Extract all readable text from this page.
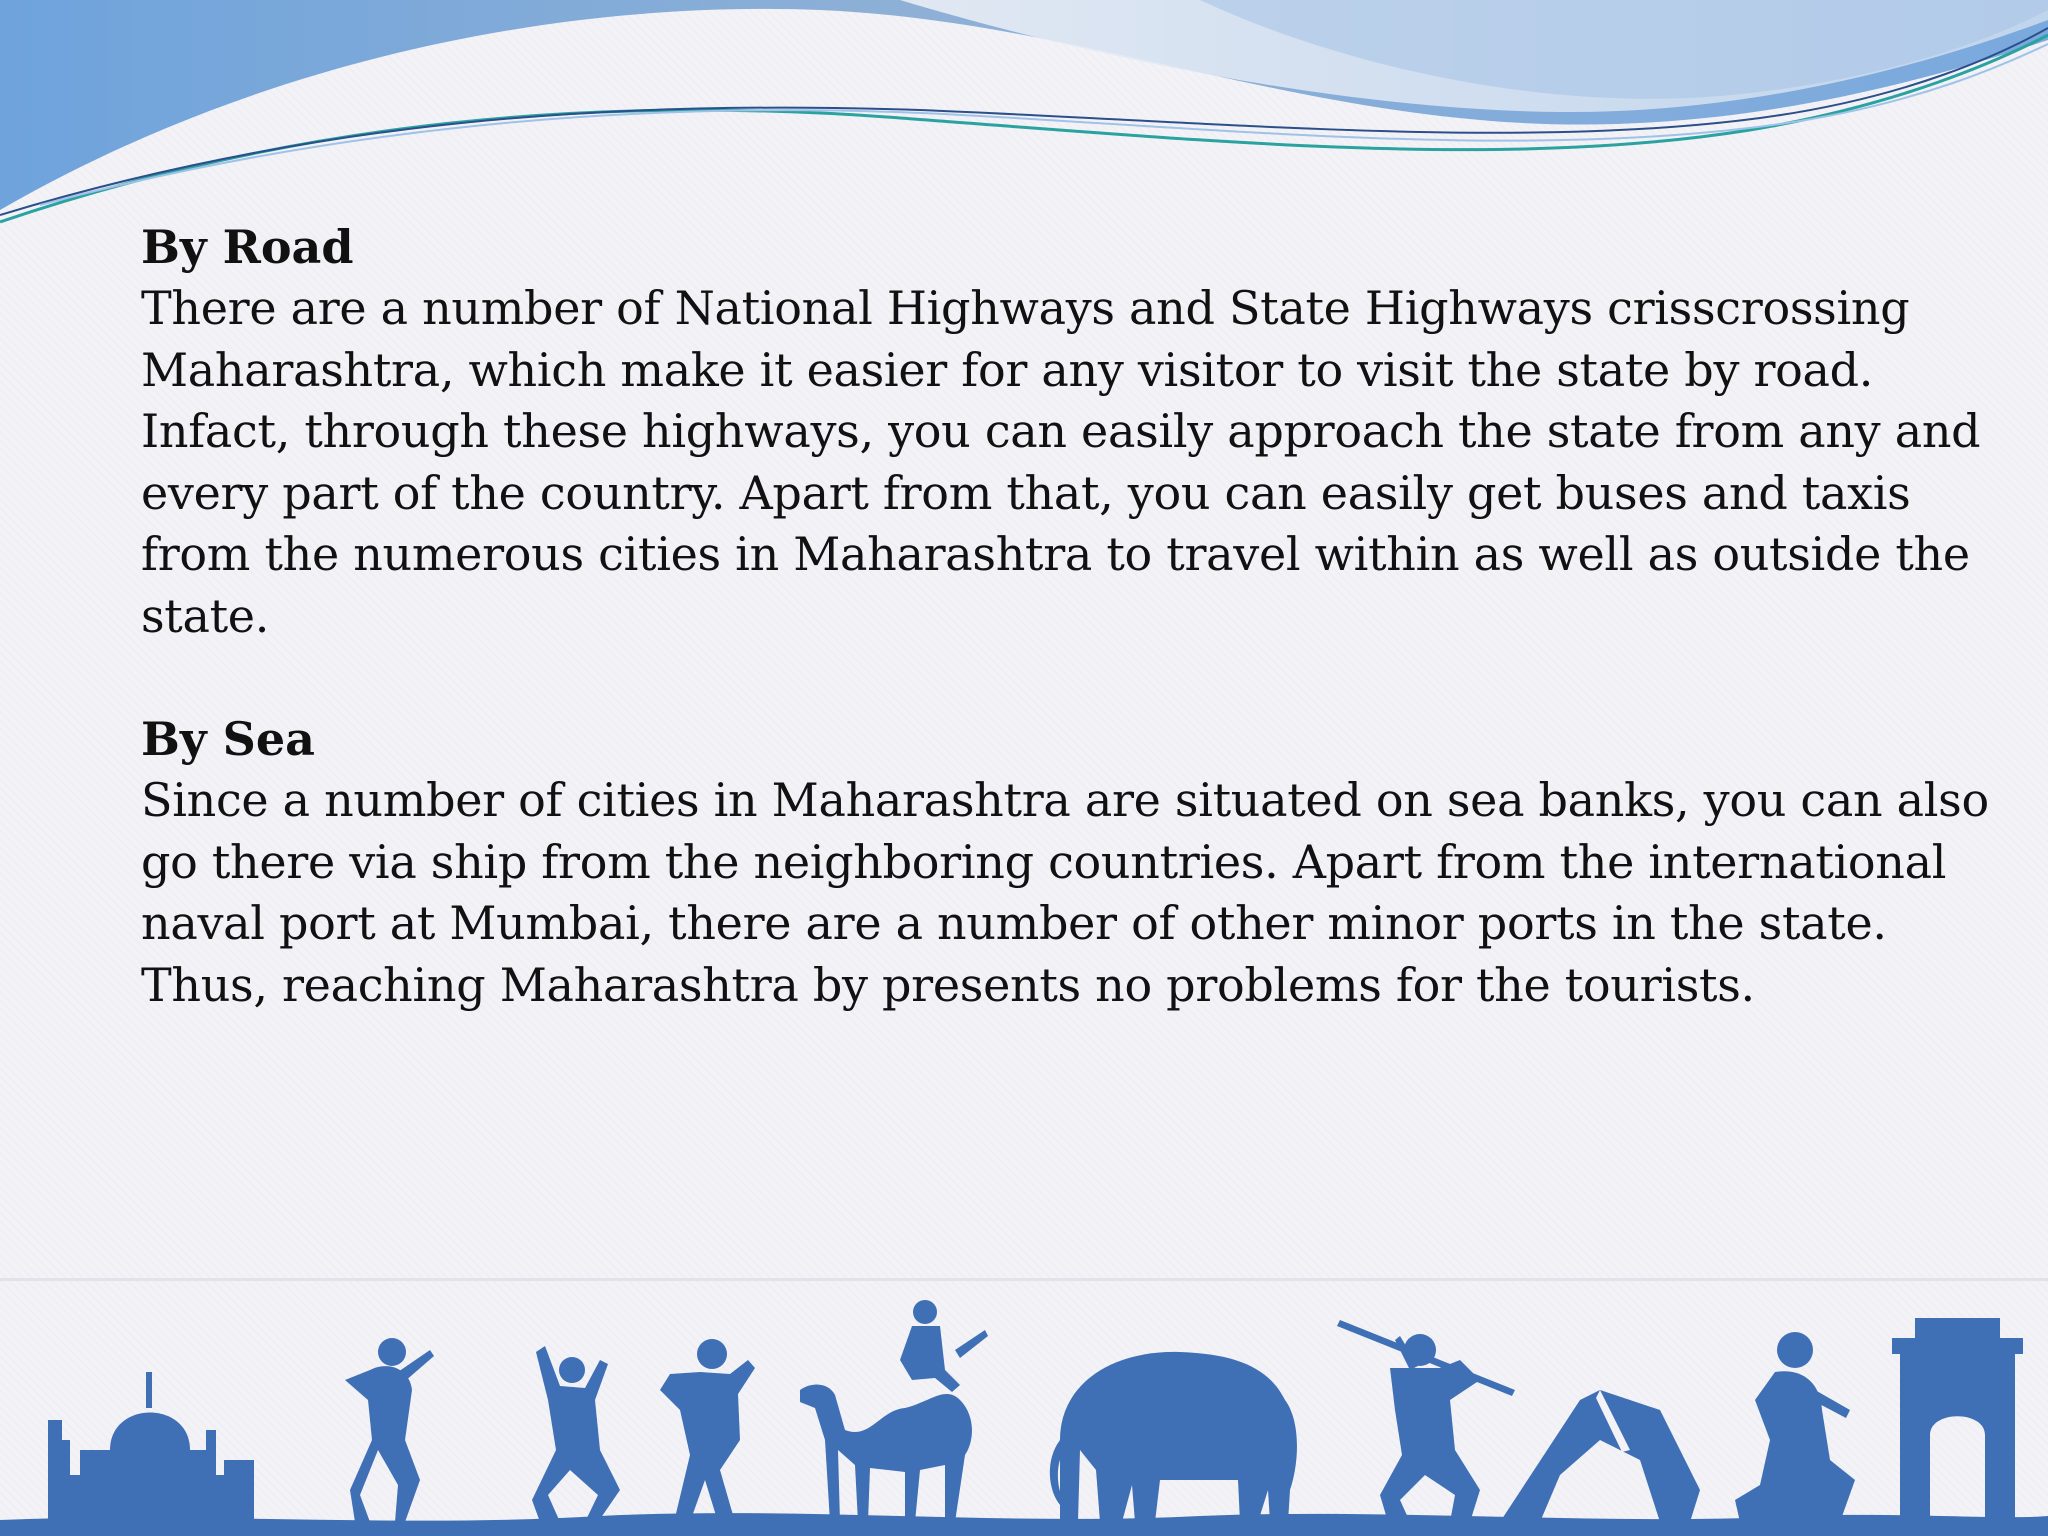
By Road

There are a number of National Highways and State Highways crisscrossing
Maharashtra, which make it easier for any visitor to visit the state by road.
Infact, through these highways, you can easily approach the state from any and
every part of the country. Apart from that, you can easily get buses and taxis
from the numerous cities in Maharashtra to travel within as well as outside the
state.

By Sea

Since a number of cities in Maharashtra are situated on sea banks, you can also
go there via ship from the neighboring countries. Apart from the international
naval port at Mumbai, there are a number of other minor ports in the state.
Thus, reaching Maharashtra by presents no problems for the tourists.
